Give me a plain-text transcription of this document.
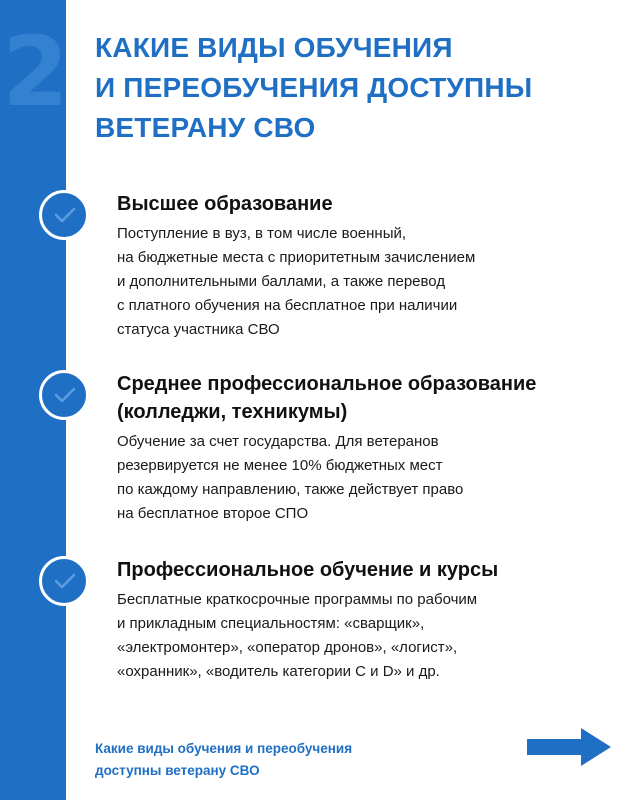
2 КАКИЕ ВИДЫ ОБУЧЕНИЯ
И ПЕРЕОБУЧЕНИЯ ДОСТУПНЫ
ВЕТЕРАНУ СВО
Высшее образование

Поступление в вуз, в том числе военный,
на бюджетные места с приоритетным зачислением
и дополнительными баллами, а также перевод
с платного обучения на бесплатное при наличии
статуса участника СВО

Среднее профессиональное образование
(колледжи, техникумы)

Обучение за счет государства. Для ветеранов
резервируется не менее 10% бюджетных мест
по каждому направлению, также действует право
на бесплатное второе СПО

Профессиональное обучение и курсы

Бесплатные краткосрочные программы по рабочим
и прикладным специальностям: «сварщик»,
«электромонтер», «оператор дронов», «логист»,
«охранник», «водитель категории C и D» и др.

Какие виды обучения и переобучения
доступны ветерану СВО
